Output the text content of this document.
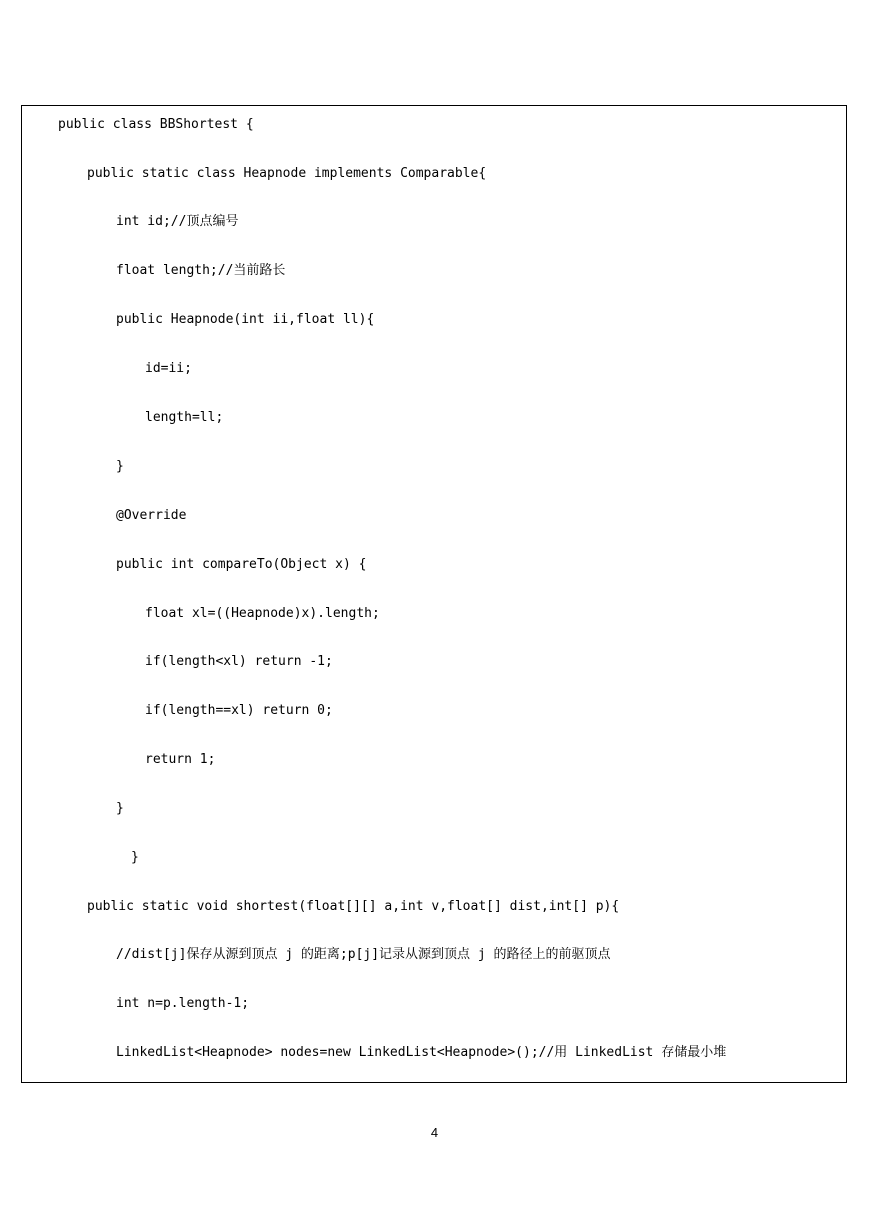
public class BBShortest {
public static class Heapnode implements Comparable{
int id;//顶点编号
float length;//当前路长
public Heapnode(int ii,float ll){
id=ii;
length=ll;
}
@Override
public int compareTo(Object x) {
float xl=((Heapnode)x).length;
if(length<xl) return -1;
if(length==xl) return 0;
return 1;
}
}
public static void shortest(float[][] a,int v,float[] dist,int[] p){
//dist[j]保存从源到顶点 j 的距离;p[j]记录从源到顶点 j 的路径上的前驱顶点
int n=p.length-1;
LinkedList<Heapnode> nodes=new LinkedList<Heapnode>();//用 LinkedList 存储最小堆
4
